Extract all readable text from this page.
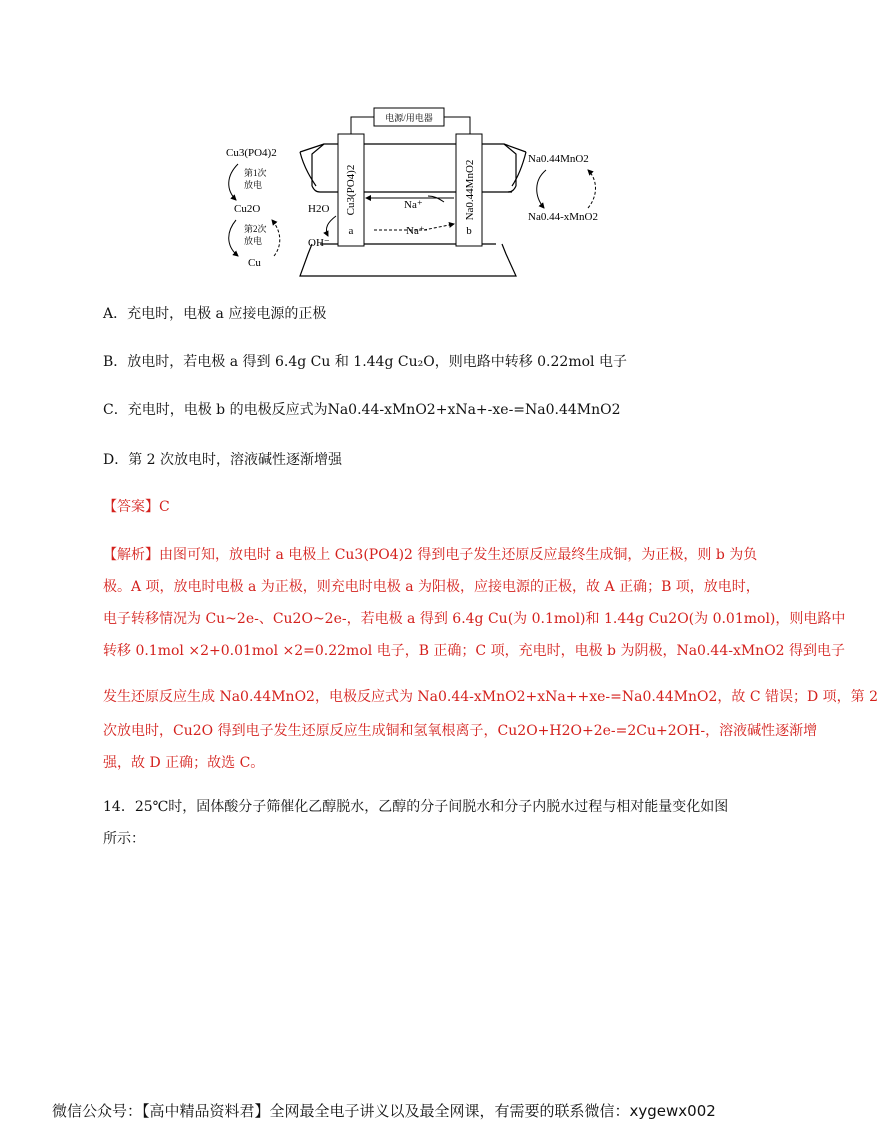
电源/用电器
Cu3(PO4)2
a
Na0.44MnO2
b
Na⁺
Na⁺
H2O
OH⁻
Cu3(PO4)2
第1次
放电
Cu2O
第2次
放电
Cu
Na0.44MnO2
Na0.44-xMnO2
A．充电时，电极 a 应接电源的正极
B．放电时，若电极 a 得到 6.4g Cu 和 1.44g Cu₂O，则电路中转移 0.22mol 电子
C．充电时，电极 b 的电极反应式为Na0.44-xMnO2+xNa+-xe-=Na0.44MnO2
D．第 2 次放电时，溶液碱性逐渐增强
【答案】C
【解析】由图可知，放电时 a 电极上 Cu3(PO4)2 得到电子发生还原反应最终生成铜，为正极，则 b 为负
极。A 项，放电时电极 a 为正极，则充电时电极 a 为阳极，应接电源的正极，故 A 正确；B 项，放电时，
电子转移情况为 Cu~2e-、Cu2O~2e-，若电极 a 得到 6.4g Cu(为 0.1mol)和 1.44g Cu2O(为 0.01mol)，则电路中
转移 0.1mol ×2+0.01mol ×2=0.22mol 电子，B 正确；C 项，充电时，电极 b 为阴极，Na0.44-xMnO2 得到电子
发生还原反应生成 Na0.44MnO2，电极反应式为 Na0.44-xMnO2+xNa++xe-=Na0.44MnO2，故 C 错误；D 项，第 2
次放电时，Cu2O 得到电子发生还原反应生成铜和氢氧根离子，Cu2O+H2O+2e-=2Cu+2OH-，溶液碱性逐渐增
强，故 D 正确；故选 C。
14．25℃时，固体酸分子筛催化乙醇脱水，乙醇的分子间脱水和分子内脱水过程与相对能量变化如图
所示：
微信公众号：【高中精品资料君】全网最全电子讲义以及最全网课，有需要的联系微信：xygewx002
